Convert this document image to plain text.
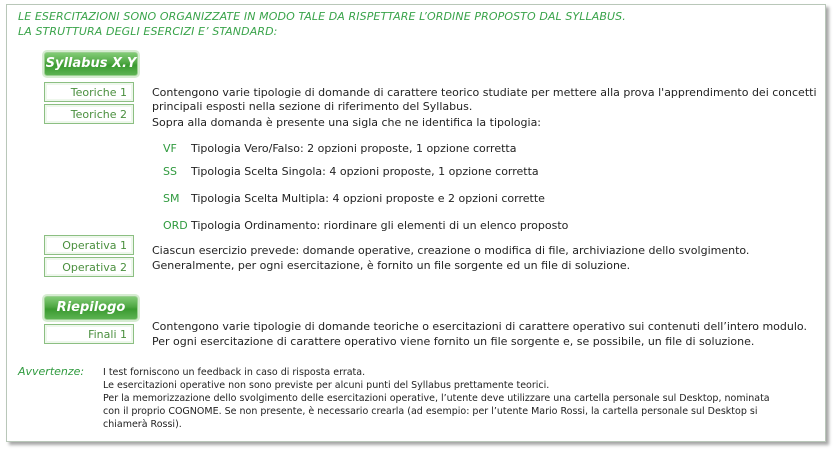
LE ESERCITAZIONI SONO ORGANIZZATE IN MODO TALE DA RISPETTARE L’ORDINE PROPOSTO DAL SYLLABUS.
LA STRUTTURA DEGLI ESERCIZI E’ STANDARD:
Syllabus X.Y
Teoriche 1
Teoriche 2
Contengono varie tipologie di domande di carattere teorico studiate per mettere alla prova l'apprendimento dei concetti
principali esposti nella sezione di riferimento del Syllabus.
Sopra alla domanda è presente una sigla che ne identifica la tipologia:
VF Tipologia Vero/Falso: 2 opzioni proposte, 1 opzione corretta
SS Tipologia Scelta Singola: 4 opzioni proposte, 1 opzione corretta
SM Tipologia Scelta Multipla: 4 opzioni proposte e 2 opzioni corrette
ORD Tipologia Ordinamento: riordinare gli elementi di un elenco proposto
Operativa 1
Operativa 2
Ciascun esercizio prevede: domande operative, creazione o modifica di file, archiviazione dello svolgimento.
Generalmente, per ogni esercitazione, è fornito un file sorgente ed un file di soluzione.
Riepilogo
Finali 1
Contengono varie tipologie di domande teoriche o esercitazioni di carattere operativo sui contenuti dell’intero modulo.
Per ogni esercitazione di carattere operativo viene fornito un file sorgente e, se possibile, un file di soluzione.
Avvertenze: I test forniscono un feedback in caso di risposta errata.
Le esercitazioni operative non sono previste per alcuni punti del Syllabus prettamente teorici.
Per la memorizzazione dello svolgimento delle esercitazioni operative, l’utente deve utilizzare una cartella personale sul Desktop, nominata
con il proprio COGNOME. Se non presente, è necessario crearla (ad esempio: per l’utente Mario Rossi, la cartella personale sul Desktop si
chiamerà Rossi).
